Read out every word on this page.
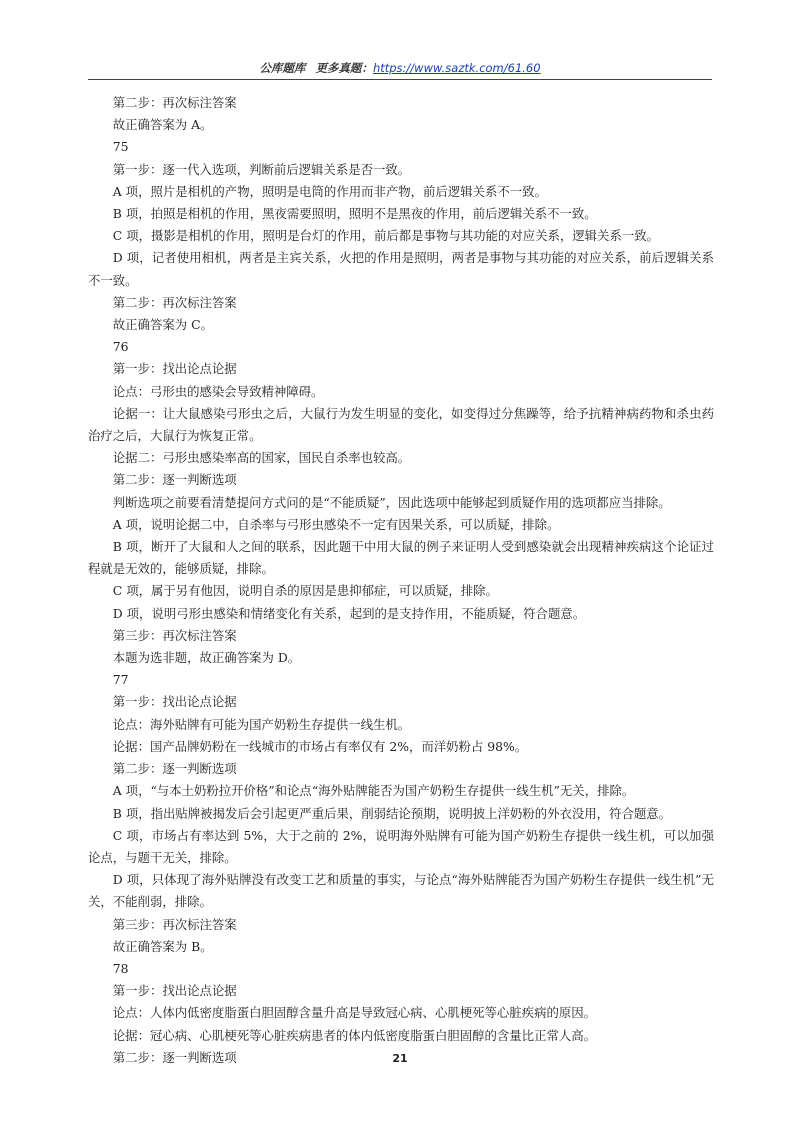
公库题库 更多真题：https://www.saztk.com/61.60
第二步：再次标注答案
故正确答案为 A。
75
第一步：逐一代入选项，判断前后逻辑关系是否一致。
A 项，照片是相机的产物，照明是电筒的作用而非产物，前后逻辑关系不一致。
B 项，拍照是相机的作用，黑夜需要照明，照明不是黑夜的作用，前后逻辑关系不一致。
C 项，摄影是相机的作用，照明是台灯的作用，前后都是事物与其功能的对应关系，逻辑关系一致。
D 项，记者使用相机，两者是主宾关系，火把的作用是照明，两者是事物与其功能的对应关系，前后逻辑关系不一致。
第二步：再次标注答案
故正确答案为 C。
76
第一步：找出论点论据
论点：弓形虫的感染会导致精神障碍。
论据一：让大鼠感染弓形虫之后，大鼠行为发生明显的变化，如变得过分焦躁等，给予抗精神病药物和杀虫药治疗之后，大鼠行为恢复正常。
论据二：弓形虫感染率高的国家，国民自杀率也较高。
第二步：逐一判断选项
判断选项之前要看清楚提问方式问的是“不能质疑”，因此选项中能够起到质疑作用的选项都应当排除。
A 项，说明论据二中，自杀率与弓形虫感染不一定有因果关系，可以质疑，排除。
B 项，断开了大鼠和人之间的联系，因此题干中用大鼠的例子来证明人受到感染就会出现精神疾病这个论证过程就是无效的，能够质疑，排除。
C 项，属于另有他因，说明自杀的原因是患抑郁症，可以质疑，排除。
D 项，说明弓形虫感染和情绪变化有关系，起到的是支持作用，不能质疑，符合题意。
第三步：再次标注答案
本题为选非题，故正确答案为 D。
77
第一步：找出论点论据
论点：海外贴牌有可能为国产奶粉生存提供一线生机。
论据：国产品牌奶粉在一线城市的市场占有率仅有 2%，而洋奶粉占 98%。
第二步：逐一判断选项
A 项，“与本土奶粉拉开价格”和论点“海外贴牌能否为国产奶粉生存提供一线生机”无关，排除。
B 项，指出贴牌被揭发后会引起更严重后果，削弱结论预期，说明披上洋奶粉的外衣没用，符合题意。
C 项，市场占有率达到 5%，大于之前的 2%，说明海外贴牌有可能为国产奶粉生存提供一线生机，可以加强论点，与题干无关，排除。
D 项，只体现了海外贴牌没有改变工艺和质量的事实，与论点“海外贴牌能否为国产奶粉生存提供一线生机”无关，不能削弱，排除。
第三步：再次标注答案
故正确答案为 B。
78
第一步：找出论点论据
论点：人体内低密度脂蛋白胆固醇含量升高是导致冠心病、心肌梗死等心脏疾病的原因。
论据：冠心病、心肌梗死等心脏疾病患者的体内低密度脂蛋白胆固醇的含量比正常人高。
第二步：逐一判断选项	21
